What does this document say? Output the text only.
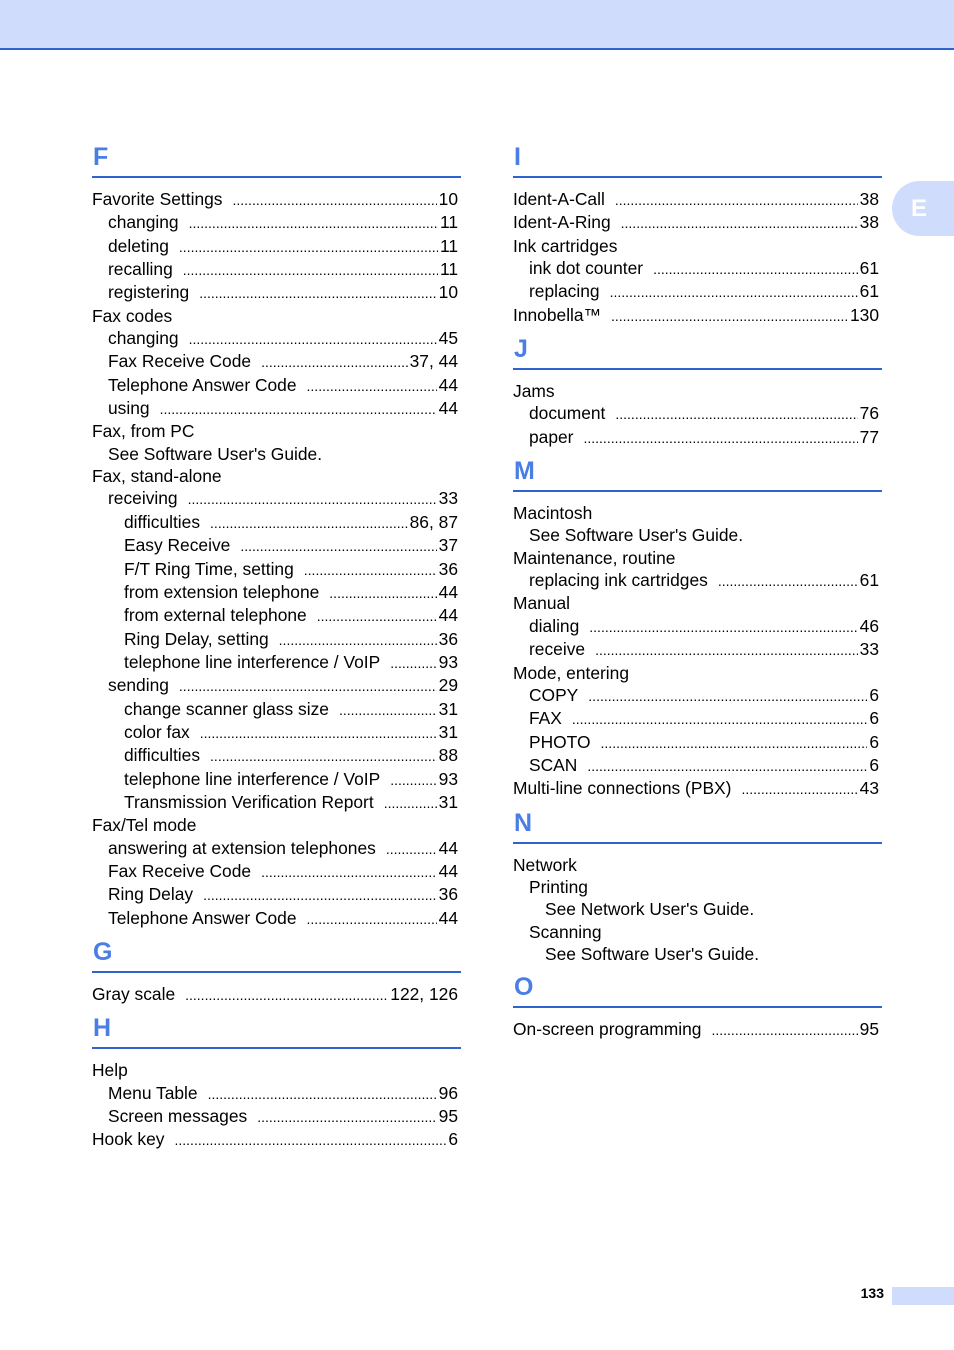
E
F
Favorite Settings .....	10
changing .....	11
deleting .....	11
recalling .....	11
registering .....	10
Fax codes
changing .....	45
Fax Receive Code .....	37, 44
Telephone Answer Code .....	44
using .....	44
Fax, from PC
See Software User's Guide.
Fax, stand-alone
receiving .....	33
difficulties .....	86, 87
Easy Receive .....	37
F/T Ring Time, setting .....	36
from extension telephone .....	44
from external telephone .....	44
Ring Delay, setting .....	36
telephone line interference / VoIP .....	93
sending .....	29
change scanner glass size .....	31
color fax .....	31
difficulties .....	88
telephone line interference / VoIP .....	93
Transmission Verification Report .....	31
Fax/Tel mode
answering at extension telephones .....	44
Fax Receive Code .....	44
Ring Delay .....	36
Telephone Answer Code .....	44
G
Gray scale .....	122, 126
H
Help
Menu Table .....	96
Screen messages .....	95
Hook key .....	6
I
Ident-A-Call .....	38
Ident-A-Ring .....	38
Ink cartridges
ink dot counter .....	61
replacing .....	61
Innobella™ .....	130
J
Jams
document .....	76
paper .....	77
M
Macintosh
See Software User's Guide.
Maintenance, routine
replacing ink cartridges .....	61
Manual
dialing .....	46
receive .....	33
Mode, entering
COPY .....	6
FAX .....	6
PHOTO .....	6
SCAN .....	6
Multi-line connections (PBX) .....	43
N
Network
Printing
See Network User's Guide.
Scanning
See Software User's Guide.
O
On-screen programming .....	95
133
